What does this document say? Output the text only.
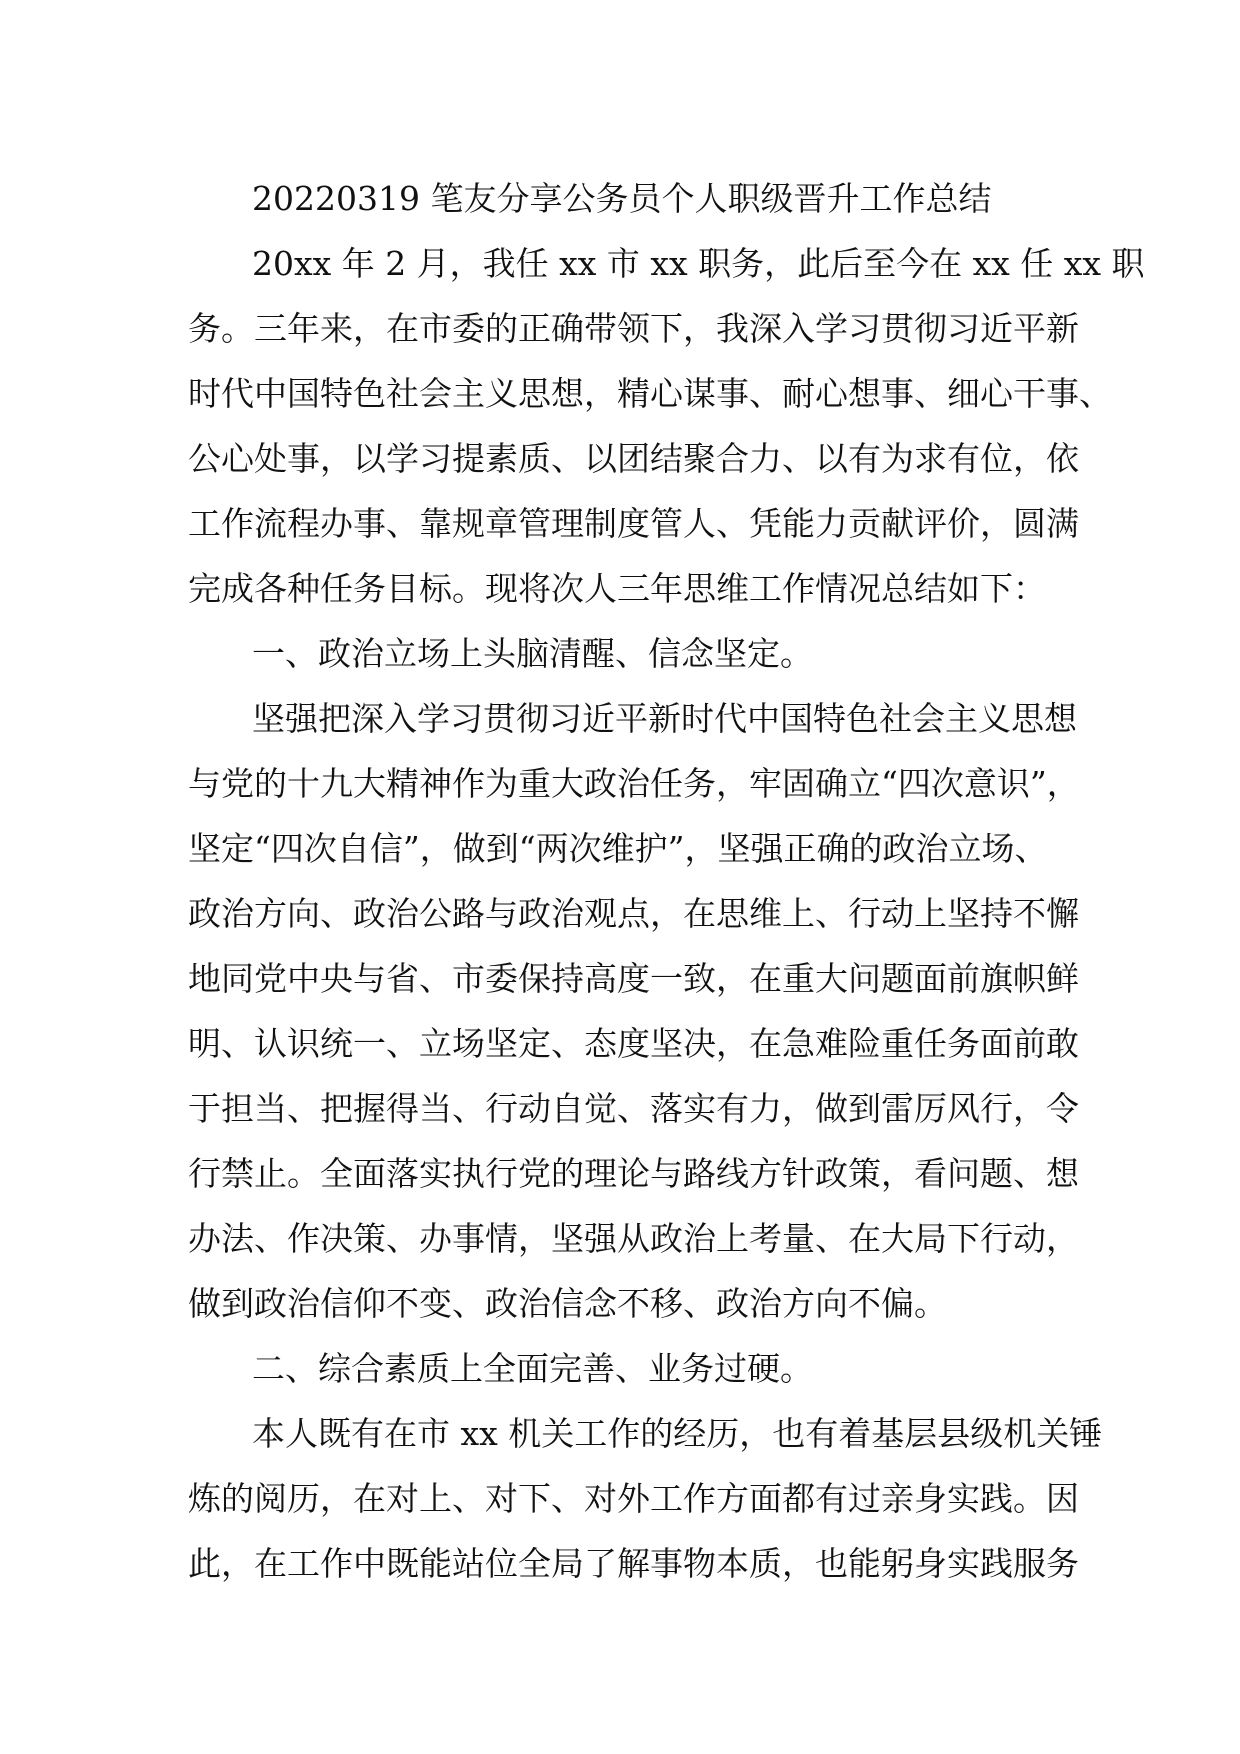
20220319 笔友分享公务员个人职级晋升工作总结
20xx 年 2 月，我任 xx 市 xx 职务，此后至今在 xx 任 xx 职
务。三年来，在市委的正确带领下，我深入学习贯彻习近平新
时代中国特色社会主义思想，精心谋事、耐心想事、细心干事、
公心处事，以学习提素质、以团结聚合力、以有为求有位，依
工作流程办事、靠规章管理制度管人、凭能力贡献评价，圆满
完成各种任务目标。现将次人三年思维工作情况总结如下：
一、政治立场上头脑清醒、信念坚定。
坚强把深入学习贯彻习近平新时代中国特色社会主义思想
与党的十九大精神作为重大政治任务，牢固确立“四次意识”，
坚定“四次自信”，做到“两次维护”，坚强正确的政治立场、
政治方向、政治公路与政治观点，在思维上、行动上坚持不懈
地同党中央与省、市委保持高度一致，在重大问题面前旗帜鲜
明、认识统一、立场坚定、态度坚决，在急难险重任务面前敢
于担当、把握得当、行动自觉、落实有力，做到雷厉风行，令
行禁止。全面落实执行党的理论与路线方针政策，看问题、想
办法、作决策、办事情，坚强从政治上考量、在大局下行动，
做到政治信仰不变、政治信念不移、政治方向不偏。
二、综合素质上全面完善、业务过硬。
本人既有在市 xx 机关工作的经历，也有着基层县级机关锤
炼的阅历，在对上、对下、对外工作方面都有过亲身实践。因
此，在工作中既能站位全局了解事物本质，也能躬身实践服务
